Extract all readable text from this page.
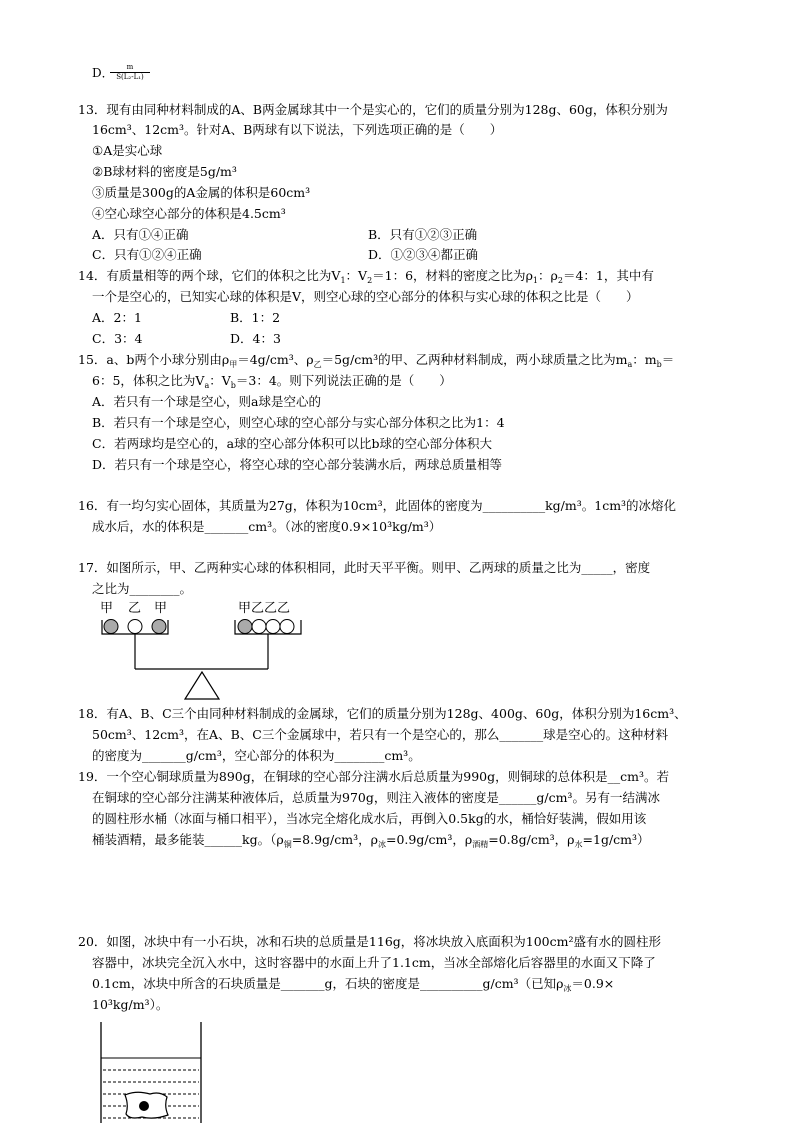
D．
$\frac{m}{\text{S(L₂-L₁)}}$
13．现有由同种材料制成的A、B两金属球其中一个是实心的，它们的质量分别为128g、60g，体积分别为
16cm³、12cm³。针对A、B两球有以下说法，下列选项正确的是（　　）
①A是实心球
②B球材料的密度是5g/m³
③质量是300g的A金属的体积是60cm³
④空心球空心部分的体积是4.5cm³
A．只有①④正确	B．只有①②③正确
C．只有①②④正确	D．①②③④都正确
14．有质量相等的两个球，它们的体积之比为$V_1$：$V_2=1$：6，材料的密度之比为$\rho_1$：$\rho_2=4$：1，其中有
一个是空心的，已知实心球的体积是V，则空心球的空心部分的体积与实心球的体积之比是（　　）
A．2：1	B．1：2
C．3：4	D．4：3
15．a、b两个小球分别由$\rho_甲=4g$/cm³、$\rho_乙=5g$/cm³的甲、乙两种材料制成，两小球质量之比为$m_a$：$m_b=$
6：5，体积之比为$V_a$：$V_b=3$：4。则下列说法正确的是（　　）
A．若只有一个球是空心，则a球是空心的
B．若只有一个球是空心，则空心球的空心部分与实心部分体积之比为1：4
C．若两球均是空心的，a球的空心部分体积可以比b球的空心部分体积大
D．若只有一个球是空心，将空心球的空心部分装满水后，两球总质量相等
16．有一均匀实心固体，其质量为27g，体积为10cm³，此固体的密度为__________kg/m³。1cm³的冰熔化
成水后，水的体积是_______cm³。（冰的密度0.9×10³kg/m³）
17．如图所示，甲、乙两种实心球的体积相同，此时天平平衡。则甲、乙两球的质量之比为_____，密度
之比为________。
甲 乙 甲	甲乙乙乙
18．有A、B、C三个由同种材料制成的金属球，它们的质量分别为128g、400g、60g，体积分别为16cm³、
50cm³、12cm³，在A、B、C三个金属球中，若只有一个是空心的，那么_______球是空心的。这种材料
的密度为_______g/cm³，空心部分的体积为________cm³。
19．一个空心铜球质量为890g，在铜球的空心部分注满水后总质量为990g，则铜球的总体积是__cm³。若
在铜球的空心部分注满某种液体后，总质量为970g，则注入液体的密度是______g/cm³。另有一结满冰
的圆柱形水桶（冰面与桶口相平），当冰完全熔化成水后，再倒入0.5kg的水，桶恰好装满，假如用该
桶装酒精，最多能装______kg。（$\rho_铜=8.9g$/cm³，$\rho_冰=0.9g$/cm³，$\rho_{酒精}=0.8g$/cm³，$\rho_水=1g/cm^3$）
20．如图，冰块中有一小石块，冰和石块的总质量是116g，将冰块放入底面积为100cm²盛有水的圆柱形
容器中，冰块完全沉入水中，这时容器中的水面上升了1.1cm，当冰全部熔化后容器里的水面又下降了
0.1cm，冰块中所含的石块质量是_______g，石块的密度是__________g/cm³（已知$\rho_冰=0.9\times$
10³kg/m³）。
